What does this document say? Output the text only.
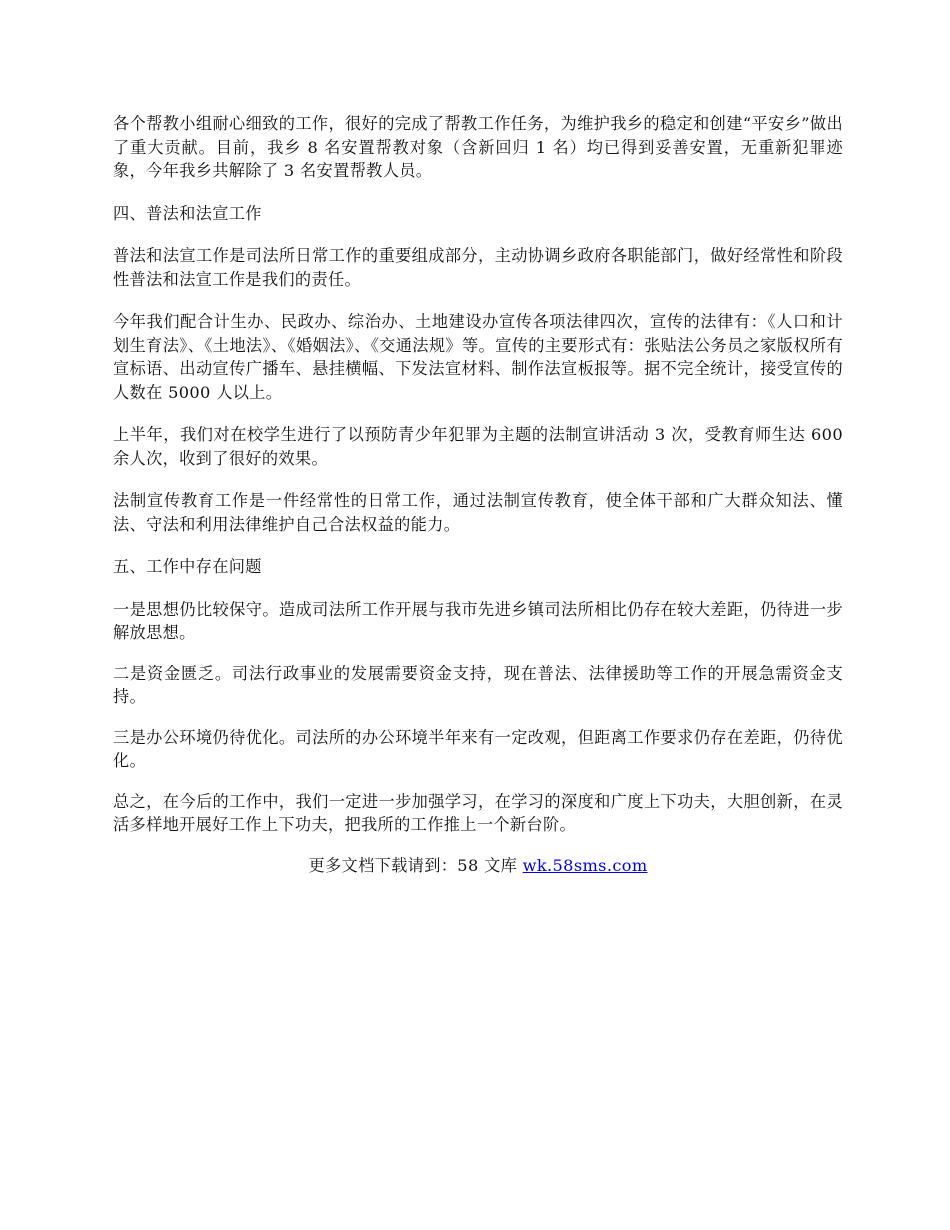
各个帮教小组耐心细致的工作，很好的完成了帮教工作任务，为维护我乡的稳定和创建“平安乡”做出了重大贡献。目前，我乡 8 名安置帮教对象（含新回归 1 名）均已得到妥善安置，无重新犯罪迹象，今年我乡共解除了 3 名安置帮教人员。

四、普法和法宣工作

普法和法宣工作是司法所日常工作的重要组成部分，主动协调乡政府各职能部门，做好经常性和阶段性普法和法宣工作是我们的责任。

今年我们配合计生办、民政办、综治办、土地建设办宣传各项法律四次，宣传的法律有：《人口和计划生育法》、《土地法》、《婚姻法》、《交通法规》等。宣传的主要形式有：张贴法公务员之家版权所有宣标语、出动宣传广播车、悬挂横幅、下发法宣材料、制作法宣板报等。据不完全统计，接受宣传的人数在 5000 人以上。

上半年，我们对在校学生进行了以预防青少年犯罪为主题的法制宣讲活动 3 次，受教育师生达 600 余人次，收到了很好的效果。

法制宣传教育工作是一件经常性的日常工作，通过法制宣传教育，使全体干部和广大群众知法、懂法、守法和利用法律维护自己合法权益的能力。

五、工作中存在问题

一是思想仍比较保守。造成司法所工作开展与我市先进乡镇司法所相比仍存在较大差距，仍待进一步解放思想。

二是资金匮乏。司法行政事业的发展需要资金支持，现在普法、法律援助等工作的开展急需资金支持。

三是办公环境仍待优化。司法所的办公环境半年来有一定改观，但距离工作要求仍存在差距，仍待优化。

总之，在今后的工作中，我们一定进一步加强学习，在学习的深度和广度上下功夫，大胆创新，在灵活多样地开展好工作上下功夫，把我所的工作推上一个新台阶。

更多文档下载请到：58 文库 wk.58sms.com
